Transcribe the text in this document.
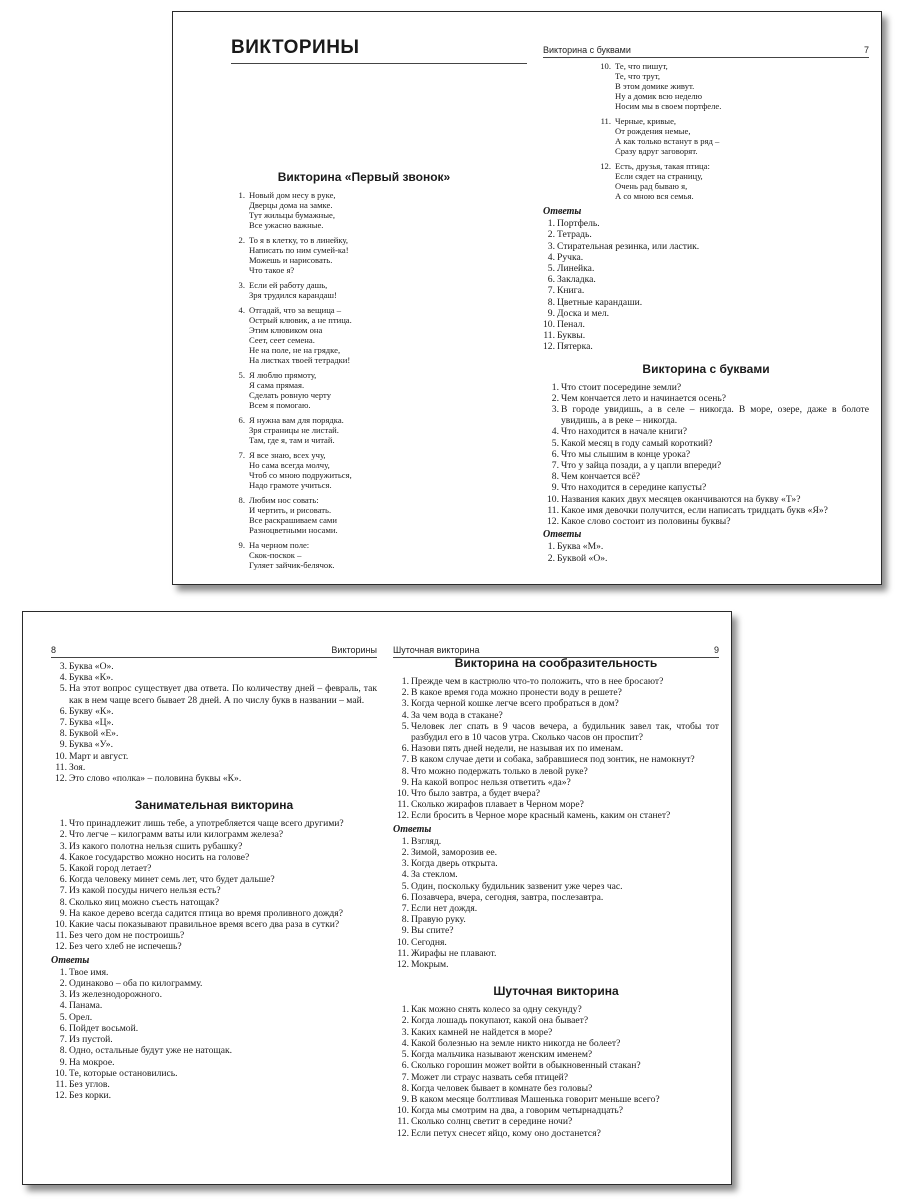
ВИКТОРИНЫ
Викторина «Первый звонок»
1. Новый дом несу в руке,
Дверцы дома на замке.
Тут жильцы бумажные,
Все ужасно важные.
2. То я в клетку, то в линейку,
Написать по ним сумей-ка!
Можешь и нарисовать.
Что такое я?
3. Если ей работу дашь,
Зря трудился карандаш!
4. Отгадай, что за вещица –
Острый клювик, а не птица.
Этим клювиком она
Сеет, сеет семена.
Не на поле, не на грядке,
На листках твоей тетрадки!
5. Я люблю прямоту,
Я сама прямая.
Сделать ровную черту
Всем я помогаю.
6. Я нужна вам для порядка.
Зря страницы не листай.
Там, где я, там и читай.
7. Я все знаю, всех учу,
Но сама всегда молчу,
Чтоб со мною подружиться,
Надо грамоте учиться.
8. Любим нос совать:
И чертить, и рисовать.
Все раскрашиваем сами
Разноцветными носами.
9. На черном поле:
Скок-поскок –
Гуляет зайчик-белячок.
Викторина с буквами	7
10. Те, что пишут,
Те, что трут,
В этом домике живут.
Ну а домик всю неделю
Носим мы в своем портфеле.
11. Черные, кривые,
От рождения немые,
А как только встанут в ряд –
Сразу вдруг заговорят.
12. Есть, друзья, такая птица:
Если сядет на страницу,
Очень рад бываю я,
А со мною вся семья.
Ответы
1. Портфель.
2. Тетрадь.
3. Стирательная резинка, или ластик.
4. Ручка.
5. Линейка.
6. Закладка.
7. Книга.
8. Цветные карандаши.
9. Доска и мел.
10. Пенал.
11. Буквы.
12. Пятерка.
Викторина с буквами
1. Что стоит посередине земли?
2. Чем кончается лето и начинается осень?
3. В городе увидишь, а в селе – никогда. В море, озере, даже в болоте увидишь, а в реке – никогда.
4. Что находится в начале книги?
5. Какой месяц в году самый короткий?
6. Что мы слышим в конце урока?
7. Что у зайца позади, а у цапли впереди?
8. Чем кончается всё?
9. Что находится в середине капусты?
10. Названия каких двух месяцев оканчиваются на букву «Т»?
11. Какое имя девочки получится, если написать тридцать букв «Я»?
12. Какое слово состоит из половины буквы?
Ответы
1. Буква «М».
2. Буквой «О».
8	Викторины
3. Буква «О».
4. Буква «К».
5. На этот вопрос существует два ответа. По количеству дней – февраль, так как в нем чаще всего бывает 28 дней. А по числу букв в названии – май.
6. Букву «К».
7. Буква «Ц».
8. Буквой «Е».
9. Буква «У».
10. Март и август.
11. Зоя.
12. Это слово «полка» – половина буквы «К».
Занимательная викторина
1. Что принадлежит лишь тебе, а употребляется чаще всего другими?
2. Что легче – килограмм ваты или килограмм железа?
3. Из какого полотна нельзя сшить рубашку?
4. Какое государство можно носить на голове?
5. Какой город летает?
6. Когда человеку минет семь лет, что будет дальше?
7. Из какой посуды ничего нельзя есть?
8. Сколько яиц можно съесть натощак?
9. На какое дерево всегда садится птица во время проливного дождя?
10. Какие часы показывают правильное время всего два раза в сутки?
11. Без чего дом не построишь?
12. Без чего хлеб не испечешь?
Ответы
1. Твое имя.
2. Одинаково – оба по килограмму.
3. Из железнодорожного.
4. Панама.
5. Орел.
6. Пойдет восьмой.
7. Из пустой.
8. Одно, остальные будут уже не натощак.
9. На мокрое.
10. Те, которые остановились.
11. Без углов.
12. Без корки.
Шуточная викторина	9
Викторина на сообразительность
1. Прежде чем в кастрюлю что-то положить, что в нее бросают?
2. В какое время года можно пронести воду в решете?
3. Когда черной кошке легче всего пробраться в дом?
4. За чем вода в стакане?
5. Человек лег спать в 9 часов вечера, а будильник завел так, чтобы тот разбудил его в 10 часов утра. Сколько часов он проспит?
6. Назови пять дней недели, не называя их по именам.
7. В каком случае дети и собака, забравшиеся под зонтик, не намокнут?
8. Что можно подержать только в левой руке?
9. На какой вопрос нельзя ответить «да»?
10. Что было завтра, а будет вчера?
11. Сколько жирафов плавает в Черном море?
12. Если бросить в Черное море красный камень, каким он станет?
Ответы
1. Взгляд.
2. Зимой, заморозив ее.
3. Когда дверь открыта.
4. За стеклом.
5. Один, поскольку будильник зазвенит уже через час.
6. Позавчера, вчера, сегодня, завтра, послезавтра.
7. Если нет дождя.
8. Правую руку.
9. Вы спите?
10. Сегодня.
11. Жирафы не плавают.
12. Мокрым.
Шуточная викторина
1. Как можно снять колесо за одну секунду?
2. Когда лошадь покупают, какой она бывает?
3. Каких камней не найдется в море?
4. Какой болезнью на земле никто никогда не болеет?
5. Когда мальчика называют женским именем?
6. Сколько горошин может войти в обыкновенный стакан?
7. Может ли страус назвать себя птицей?
8. Когда человек бывает в комнате без головы?
9. В каком месяце болтливая Машенька говорит меньше всего?
10. Когда мы смотрим на два, а говорим четырнадцать?
11. Сколько солнц светит в середине ночи?
12. Если петух снесет яйцо, кому оно достанется?
